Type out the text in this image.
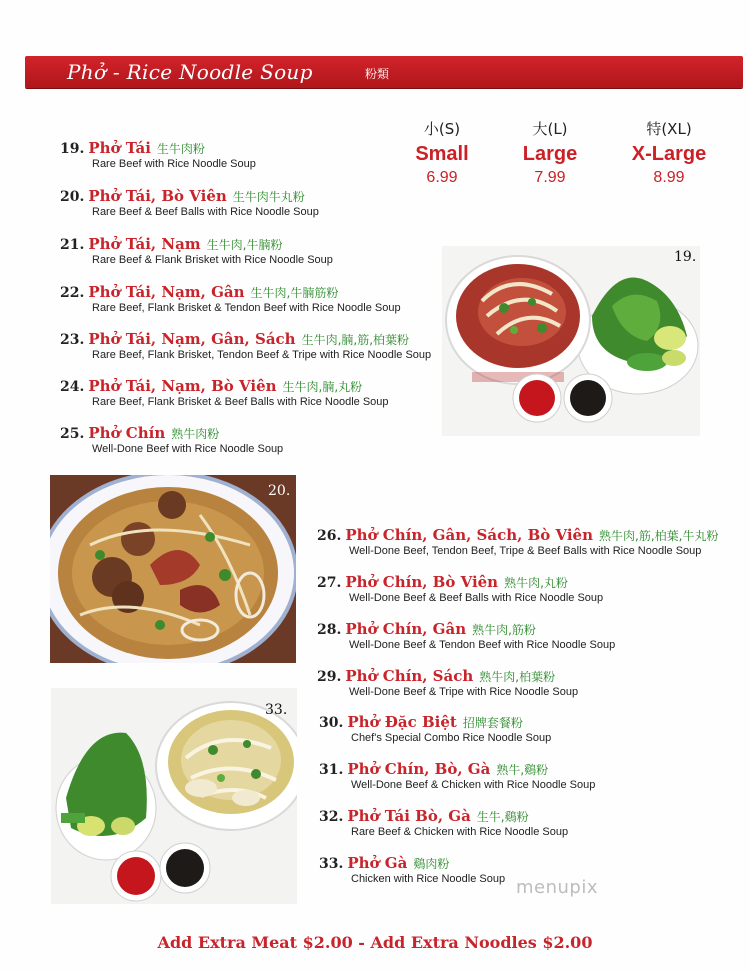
Phở - Rice Noodle Soup	粉類
小(S)
Small
6.99
大(L)
Large
7.99
特(XL)
X-Large
8.99
19. Phở Tái 生牛肉粉
Rare Beef with Rice Noodle Soup
20. Phở Tái, Bò Viên 生牛肉牛丸粉
Rare Beef & Beef Balls with Rice Noodle Soup
21. Phở Tái, Nạm 生牛肉,牛腩粉
Rare Beef & Flank Brisket with Rice Noodle Soup
22. Phở Tái, Nạm, Gân 生牛肉,牛腩筋粉
Rare Beef, Flank Brisket & Tendon Beef with Rice Noodle Soup
23. Phở Tái, Nạm, Gân, Sách 生牛肉,腩,筋,柏葉粉
Rare Beef, Flank Brisket, Tendon Beef & Tripe with Rice Noodle Soup
24. Phở Tái, Nạm, Bò Viên 生牛肉,腩,丸粉
Rare Beef, Flank Brisket & Beef Balls with Rice Noodle Soup
25. Phở Chín 熟牛肉粉
Well-Done Beef with Rice Noodle Soup
26. Phở Chín, Gân, Sách, Bò Viên 熟牛肉,筋,柏葉,牛丸粉
Well-Done Beef, Tendon Beef, Tripe & Beef Balls with Rice Noodle Soup
27. Phở Chín, Bò Viên 熟牛肉,丸粉
Well-Done Beef & Beef Balls with Rice Noodle Soup
28. Phở Chín, Gân 熟牛肉,筋粉
Well-Done Beef & Tendon Beef with Rice Noodle Soup
29. Phở Chín, Sách 熟牛肉,柏葉粉
Well-Done Beef & Tripe with Rice Noodle Soup
30. Phở Đặc Biệt 招牌套餐粉
Chef's Special Combo Rice Noodle Soup
31. Phở Chín, Bò, Gà 熟牛,鷄粉
Well-Done Beef & Chicken with Rice Noodle Soup
32. Phở Tái Bò, Gà 生牛,鷄粉
Rare Beef & Chicken with Rice Noodle Soup
33. Phở Gà 鷄肉粉
Chicken with Rice Noodle Soup
19.
20.
33.
menupix
Add Extra Meat $2.00 - Add Extra Noodles $2.00
